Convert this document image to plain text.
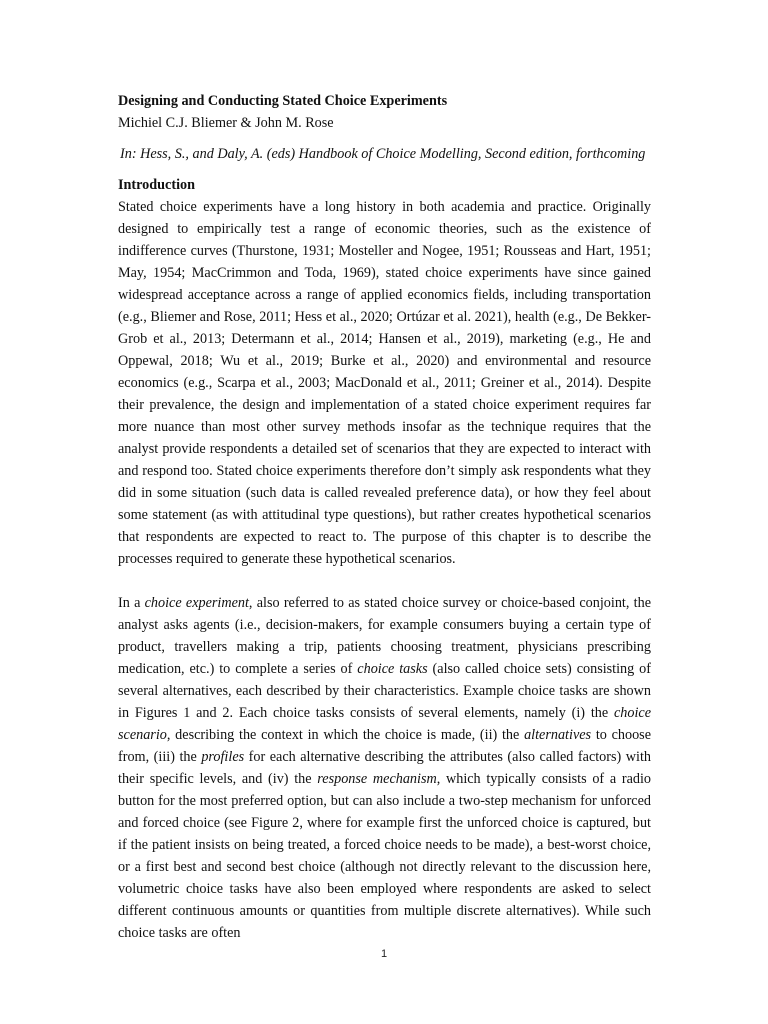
Designing and Conducting Stated Choice Experiments

Michiel C.J. Bliemer & John M. Rose

In: Hess, S., and Daly, A. (eds) Handbook of Choice Modelling, Second edition, forthcoming

Introduction

Stated choice experiments have a long history in both academia and practice. Originally designed to empirically test a range of economic theories, such as the existence of indifference curves (Thurstone, 1931; Mosteller and Nogee, 1951; Rousseas and Hart, 1951; May, 1954; MacCrimmon and Toda, 1969), stated choice experiments have since gained widespread acceptance across a range of applied economics fields, including transportation (e.g., Bliemer and Rose, 2011; Hess et al., 2020; Ortúzar et al. 2021), health (e.g., De Bekker-Grob et al., 2013; Determann et al., 2014; Hansen et al., 2019), marketing (e.g., He and Oppewal, 2018; Wu et al., 2019; Burke et al., 2020) and environmental and resource economics (e.g., Scarpa et al., 2003; MacDonald et al., 2011; Greiner et al., 2014). Despite their prevalence, the design and implementation of a stated choice experiment requires far more nuance than most other survey methods insofar as the technique requires that the analyst provide respondents a detailed set of scenarios that they are expected to interact with and respond too. Stated choice experiments therefore don’t simply ask respondents what they did in some situation (such data is called revealed preference data), or how they feel about some statement (as with attitudinal type questions), but rather creates hypothetical scenarios that respondents are expected to react to. The purpose of this chapter is to describe the processes required to generate these hypothetical scenarios.

In a choice experiment, also referred to as stated choice survey or choice-based conjoint, the analyst asks agents (i.e., decision-makers, for example consumers buying a certain type of product, travellers making a trip, patients choosing treatment, physicians prescribing medication, etc.) to complete a series of choice tasks (also called choice sets) consisting of several alternatives, each described by their characteristics. Example choice tasks are shown in Figures 1 and 2. Each choice tasks consists of several elements, namely (i) the choice scenario, describing the context in which the choice is made, (ii) the alternatives to choose from, (iii) the profiles for each alternative describing the attributes (also called factors) with their specific levels, and (iv) the response mechanism, which typically consists of a radio button for the most preferred option, but can also include a two-step mechanism for unforced and forced choice (see Figure 2, where for example first the unforced choice is captured, but if the patient insists on being treated, a forced choice needs to be made), a best-worst choice, or a first best and second best choice (although not directly relevant to the discussion here, volumetric choice tasks have also been employed where respondents are asked to select different continuous amounts or quantities from multiple discrete alternatives). While such choice tasks are often

1
